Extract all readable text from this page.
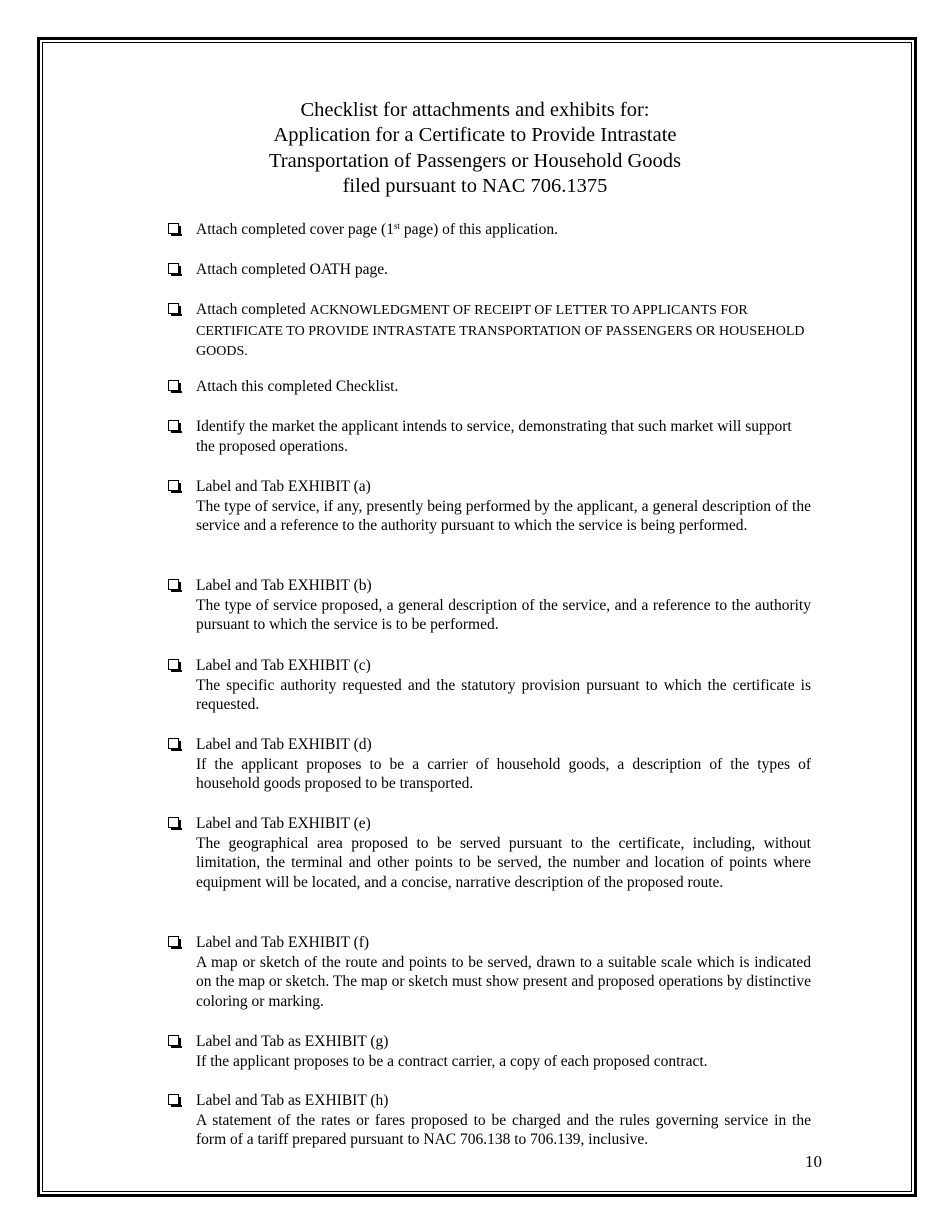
Checklist for attachments and exhibits for:
Application for a Certificate to Provide Intrastate
Transportation of Passengers or Household Goods
filed pursuant to NAC 706.1375
Attach completed cover page (1st page) of this application.
Attach completed OATH page.
Attach completed ACKNOWLEDGMENT OF RECEIPT OF LETTER TO APPLICANTS FOR CERTIFICATE TO PROVIDE INTRASTATE TRANSPORTATION OF PASSENGERS OR HOUSEHOLD GOODS.
Attach this completed Checklist.
Identify the market the applicant intends to service, demonstrating that such market will support the proposed operations.
Label and Tab EXHIBIT (a)
The type of service, if any, presently being performed by the applicant, a general description of the service and a reference to the authority pursuant to which the service is being performed.
Label and Tab EXHIBIT (b)
The type of service proposed, a general description of the service, and a reference to the authority pursuant to which the service is to be performed.
Label and Tab EXHIBIT (c)
The specific authority requested and the statutory provision pursuant to which the certificate is requested.
Label and Tab EXHIBIT (d)
If the applicant proposes to be a carrier of household goods, a description of the types of household goods proposed to be transported.
Label and Tab EXHIBIT (e)
The geographical area proposed to be served pursuant to the certificate, including, without limitation, the terminal and other points to be served, the number and location of points where equipment will be located, and a concise, narrative description of the proposed route.
Label and Tab EXHIBIT (f)
A map or sketch of the route and points to be served, drawn to a suitable scale which is indicated on the map or sketch. The map or sketch must show present and proposed operations by distinctive coloring or marking.
Label and Tab as EXHIBIT (g)
If the applicant proposes to be a contract carrier, a copy of each proposed contract.
Label and Tab as EXHIBIT (h)
A statement of the rates or fares proposed to be charged and the rules governing service in the form of a tariff prepared pursuant to NAC 706.138 to 706.139, inclusive.
10
